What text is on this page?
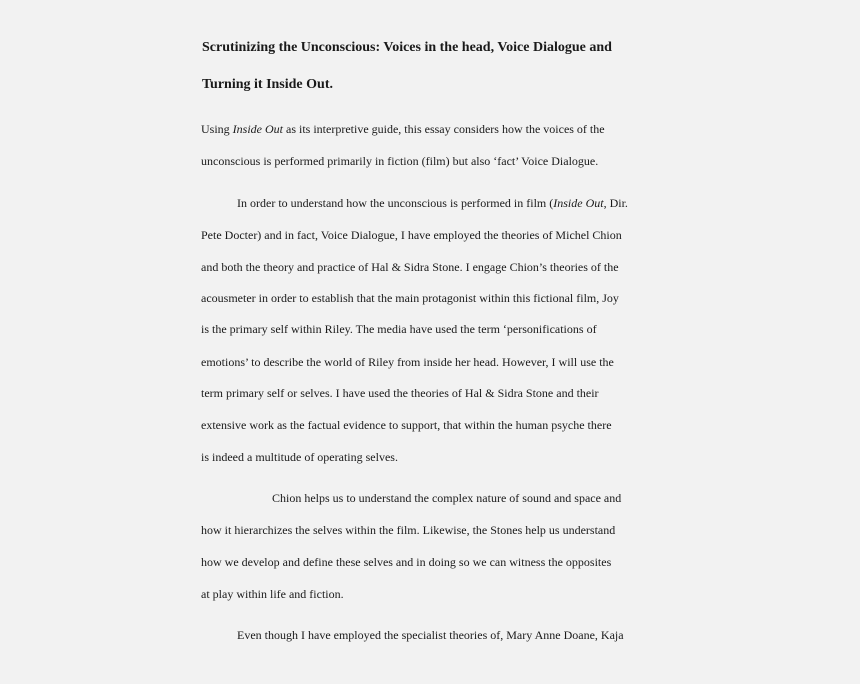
Scrutinizing the Unconscious: Voices in the head, Voice Dialogue and
Turning it Inside Out.

Using Inside Out as its interpretive guide, this essay considers how the voices of the

unconscious is performed primarily in fiction (film) but also ‘fact’ Voice Dialogue.

In order to understand how the unconscious is performed in film (Inside Out, Dir.

Pete Docter) and in fact, Voice Dialogue, I have employed the theories of Michel Chion

and both the theory and practice of Hal & Sidra Stone. I engage Chion’s theories of the

acousmeter in order to establish that the main protagonist within this fictional film, Joy

is the primary self within Riley. The media have used the term ‘personifications of

emotions’ to describe the world of Riley from inside her head. However, I will use the

term primary self or selves. I have used the theories of Hal & Sidra Stone and their

extensive work as the factual evidence to support, that within the human psyche there

is indeed a multitude of operating selves.

Chion helps us to understand the complex nature of sound and space and

how it hierarchizes the selves within the film. Likewise, the Stones help us understand

how we develop and define these selves and in doing so we can witness the opposites

at play within life and fiction.

Even though I have employed the specialist theories of, Mary Anne Doane, Kaja
